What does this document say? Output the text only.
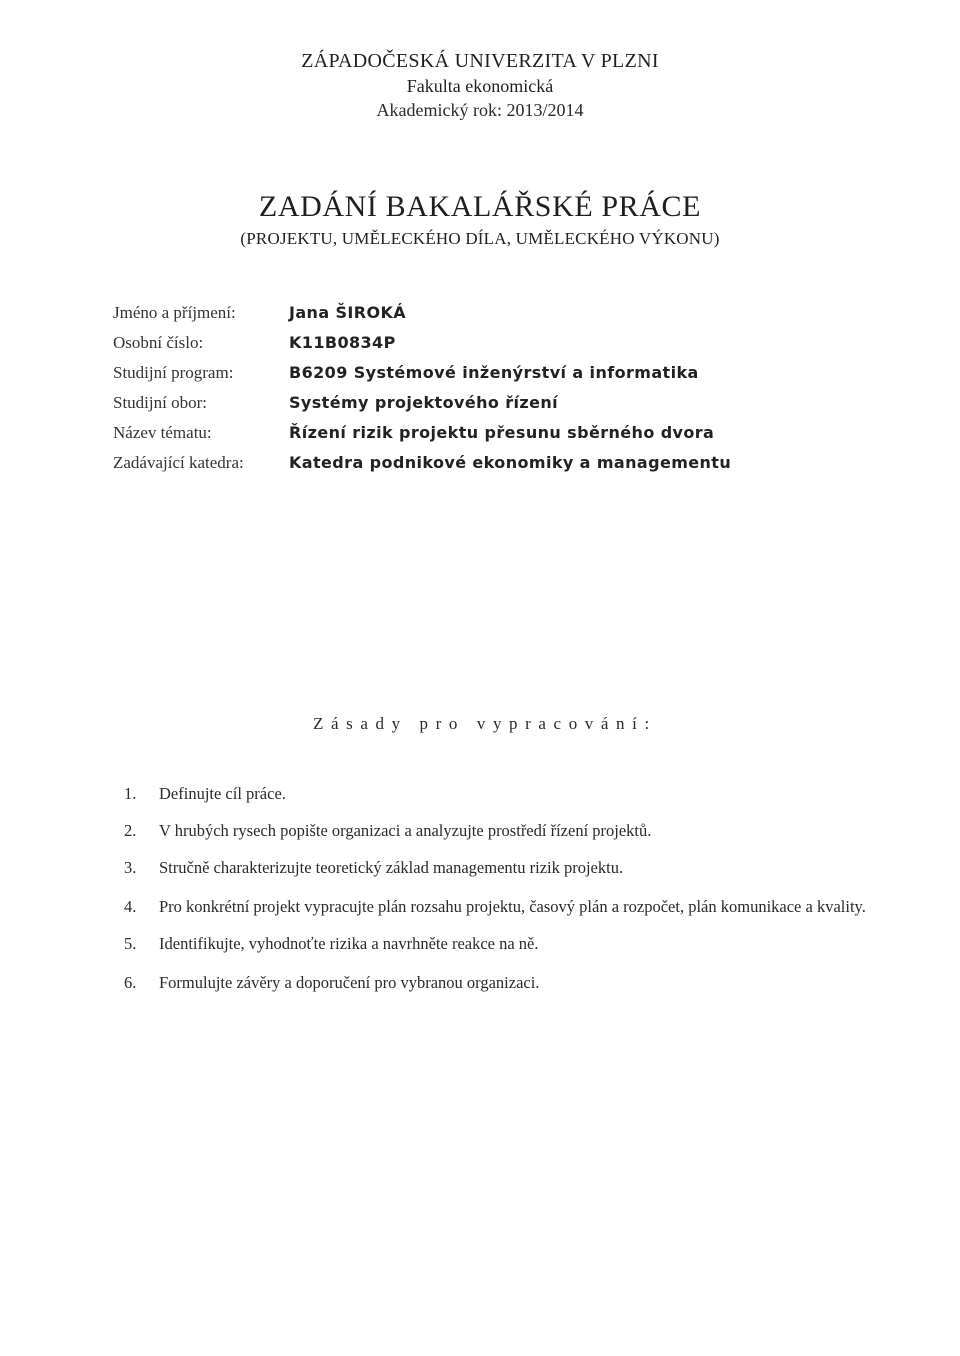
ZÁPADOČESKÁ UNIVERZITA V PLZNI
Fakulta ekonomická
Akademický rok: 2013/2014
ZADÁNÍ BAKALÁŘSKÉ PRÁCE
(PROJEKTU, UMĚLECKÉHO DÍLA, UMĚLECKÉHO VÝKONU)
Jméno a příjmení:	Jana ŠIROKÁ
Osobní číslo:	K11B0834P
Studijní program:	B6209 Systémové inženýrství a informatika
Studijní obor:	Systémy projektového řízení
Název tématu:	Řízení rizik projektu přesunu sběrného dvora
Zadávající katedra:	Katedra podnikové ekonomiky a managementu
Zásady pro vypracování:
1.	Definujte cíl práce.
2.	V hrubých rysech popište organizaci a analyzujte prostředí řízení projektů.
3.	Stručně charakterizujte teoretický základ managementu rizik projektu.
4.	Pro konkrétní projekt vypracujte plán rozsahu projektu, časový plán a rozpočet, plán komunikace a kvality.
5.	Identifikujte, vyhodnoťte rizika a navrhněte reakce na ně.
6.	Formulujte závěry a doporučení pro vybranou organizaci.
